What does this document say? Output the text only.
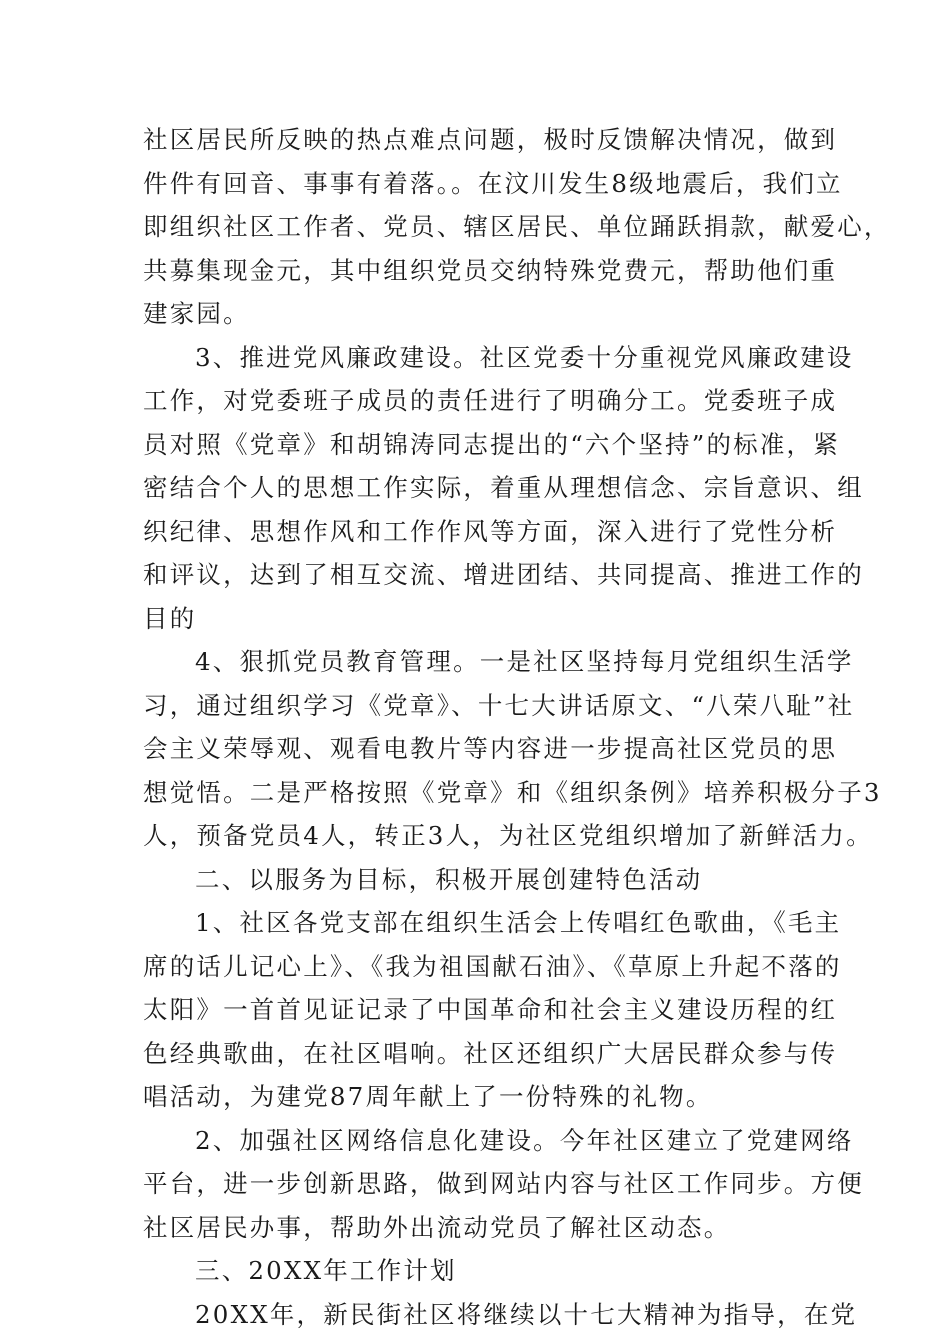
社区居民所反映的热点难点问题，极时反馈解决情况，做到
件件有回音、事事有着落。。在汶川发生8级地震后，我们立
即组织社区工作者、党员、辖区居民、单位踊跃捐款，献爱心，
共募集现金元，其中组织党员交纳特殊党费元，帮助他们重
建家园。
3、推进党风廉政建设。社区党委十分重视党风廉政建设
工作，对党委班子成员的责任进行了明确分工。党委班子成
员对照《党章》和胡锦涛同志提出的“六个坚持”的标准，紧
密结合个人的思想工作实际，着重从理想信念、宗旨意识、组
织纪律、思想作风和工作作风等方面，深入进行了党性分析
和评议，达到了相互交流、增进团结、共同提高、推进工作的
目的
4、狠抓党员教育管理。一是社区坚持每月党组织生活学
习，通过组织学习《党章》、十七大讲话原文、“八荣八耻”社
会主义荣辱观、观看电教片等内容进一步提高社区党员的思
想觉悟。二是严格按照《党章》和《组织条例》培养积极分子3
人，预备党员4人，转正3人，为社区党组织增加了新鲜活力。
二、以服务为目标，积极开展创建特色活动
1、社区各党支部在组织生活会上传唱红色歌曲，《毛主
席的话儿记心上》、《我为祖国献石油》、《草原上升起不落的
太阳》一首首见证记录了中国革命和社会主义建设历程的红
色经典歌曲，在社区唱响。社区还组织广大居民群众参与传
唱活动，为建党87周年献上了一份特殊的礼物。
2、加强社区网络信息化建设。今年社区建立了党建网络
平台，进一步创新思路，做到网站内容与社区工作同步。方便
社区居民办事，帮助外出流动党员了解社区动态。
三、20XX年工作计划
20XX年，新民街社区将继续以十七大精神为指导，在党
